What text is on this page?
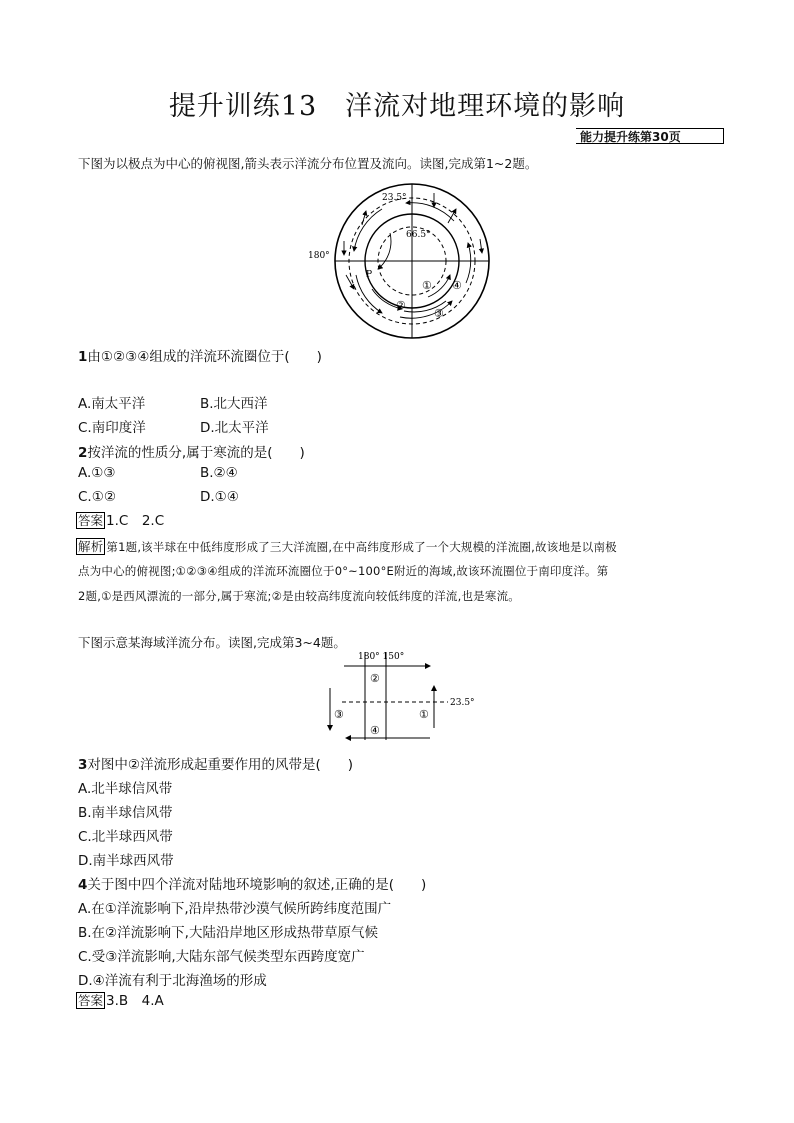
提升训练13　洋流对地理环境的影响
能力提升练第30页
下图为以极点为中心的俯视图,箭头表示洋流分布位置及流向。读图,完成第1~2题。
23.5°
66.5°
P
①
②
③
④
180°
1由①②③④组成的洋流环流圈位于(　　)
A.南太平洋	B.北大西洋
C.南印度洋	D.北太平洋
2按洋流的性质分,属于寒流的是(　　)
A.①③	B.②④
C.①②	D.①④
答案 1.C 2.C
解析 第1题,该半球在中低纬度形成了三大洋流圈,在中高纬度形成了一个大规模的洋流圈,故该地是以南极
点为中心的俯视图;①②③④组成的洋流环流圈位于0°~100°E附近的海域,故该环流圈位于南印度洋。第
2题,①是西风漂流的一部分,属于寒流;②是由较高纬度流向较低纬度的洋流,也是寒流。
下图示意某海域洋流分布。读图,完成第3~4题。
180° 150°
23.5°
①
②
③
④
3对图中②洋流形成起重要作用的风带是(　　)
A.北半球信风带
B.南半球信风带
C.北半球西风带
D.南半球西风带
4关于图中四个洋流对陆地环境影响的叙述,正确的是(　　)
A.在①洋流影响下,沿岸热带沙漠气候所跨纬度范围广
B.在②洋流影响下,大陆沿岸地区形成热带草原气候
C.受③洋流影响,大陆东部气候类型东西跨度宽广
D.④洋流有利于北海渔场的形成
答案 3.B 4.A
